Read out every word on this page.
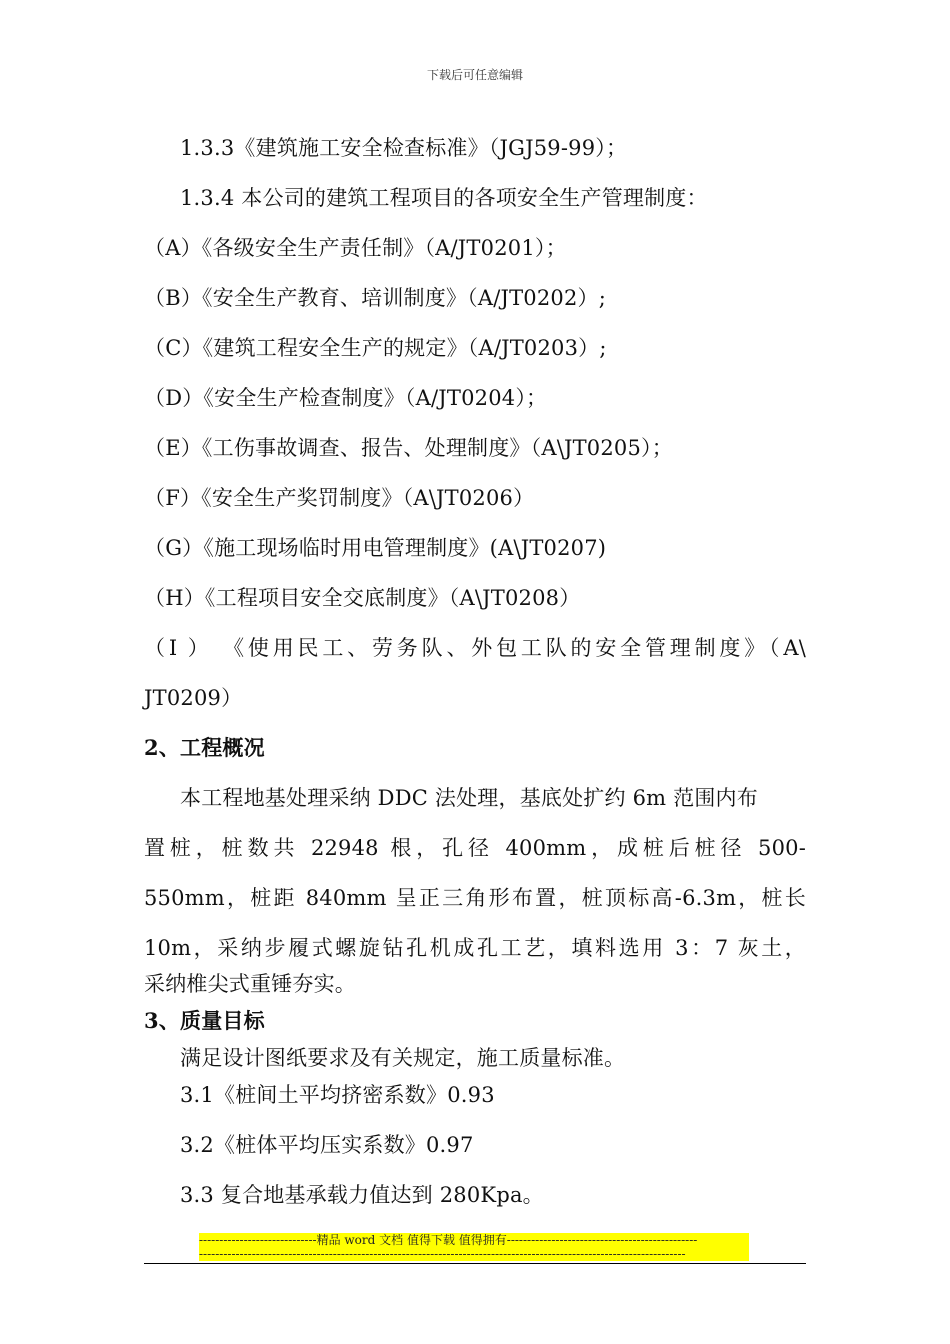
下载后可任意编辑
1.3.3《建筑施工安全检查标准》（JGJ59-99）；
1.3.4 本公司的建筑工程项目的各项安全生产管理制度：
（A）《各级安全生产责任制》（A/JT0201）；
（B）《安全生产教育、培训制度》（A/JT0202）;
（C）《建筑工程安全生产的规定》（A/JT0203）;
（D）《安全生产检查制度》（A/JT0204）；
（E）《工伤事故调查、报告、处理制度》（A\JT0205）；
（F）《安全生产奖罚制度》（A\JT0206）
（G）《施工现场临时用电管理制度》(A\JT0207)
（H）《工程项目安全交底制度》（A\JT0208）
（I ） 《使用民工、劳务队、外包工队的安全管理制度》（A\
JT0209）
2、工程概况
本工程地基处理采纳 DDC 法处理，基底处扩约 6m 范围内布
置桩，桩数共 22948 根，孔径 400mm，成桩后桩径 500-
550mm，桩距 840mm 呈正三角形布置，桩顶标高-6.3m，桩长
10m，采纳步履式螺旋钻孔机成孔工艺，填料选用 3：7 灰土，
采纳椎尖式重锤夯实。
3、质量目标
满足设计图纸要求及有关规定，施工质量标准。
3.1《桩间土平均挤密系数》0.93
3.2《桩体平均压实系数》0.97
3.3 复合地基承载力值达到 280Kpa。
-----------------------------精品 word 文档 值得下载 值得拥有-----------------------------------------------
------------------------------------------------------------------------------------------------------------------------
